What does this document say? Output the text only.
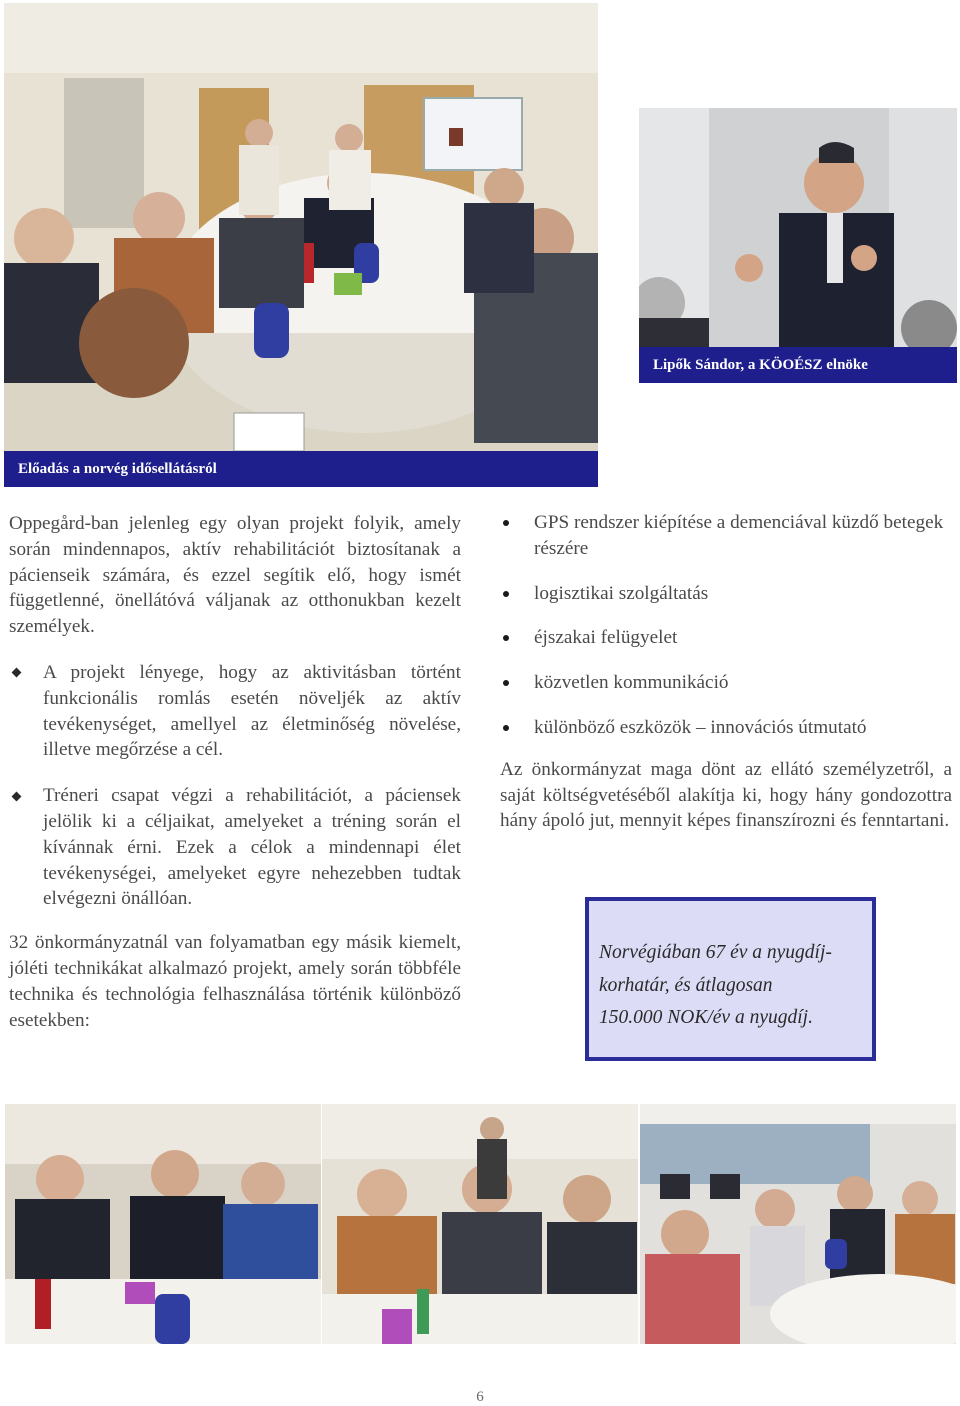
Előadás a norvég idősellátásról
Lipők Sándor, a KÖOÉSZ elnöke

Oppegård-ban jelenleg egy olyan projekt folyik, amely során mindennapos, aktív rehabilitációt biztosítanak a pácienseik számára, és ezzel segítik elő, hogy ismét függetlenné, önellátóvá váljanak az otthonukban kezelt személyek.

A projekt lényege, hogy az aktivitásban történt funkcionális romlás esetén növeljék az aktív tevékenységet, amellyel az életminőség növelése, illetve megőrzése a cél.

Tréneri csapat végzi a rehabilitációt, a páciensek jelölik ki a céljaikat, amelyeket a tréning során el kívánnak érni. Ezek a célok a mindennapi élet tevékenységei, amelyeket egyre nehezebben tudtak elvégezni önállóan.

32 önkormányzatnál van folyamatban egy másik kiemelt, jóléti technikákat alkalmazó projekt, amely során többféle technika és technológia felhasználása történik különböző esetekben:

GPS rendszer kiépítése a demenciával küzdő betegek részére

logisztikai szolgáltatás

éjszakai felügyelet

közvetlen kommunikáció

különböző eszközök – innovációs útmutató

Az önkormányzat maga dönt az ellátó személyzetről, a saját költségvetéséből alakítja ki, hogy hány gondozottra hány ápoló jut, mennyit képes finanszírozni és fenntartani.

Norvégiában 67 év a nyugdíj-
korhatár, és átlagosan
150.000 NOK/év a nyugdíj.
6
